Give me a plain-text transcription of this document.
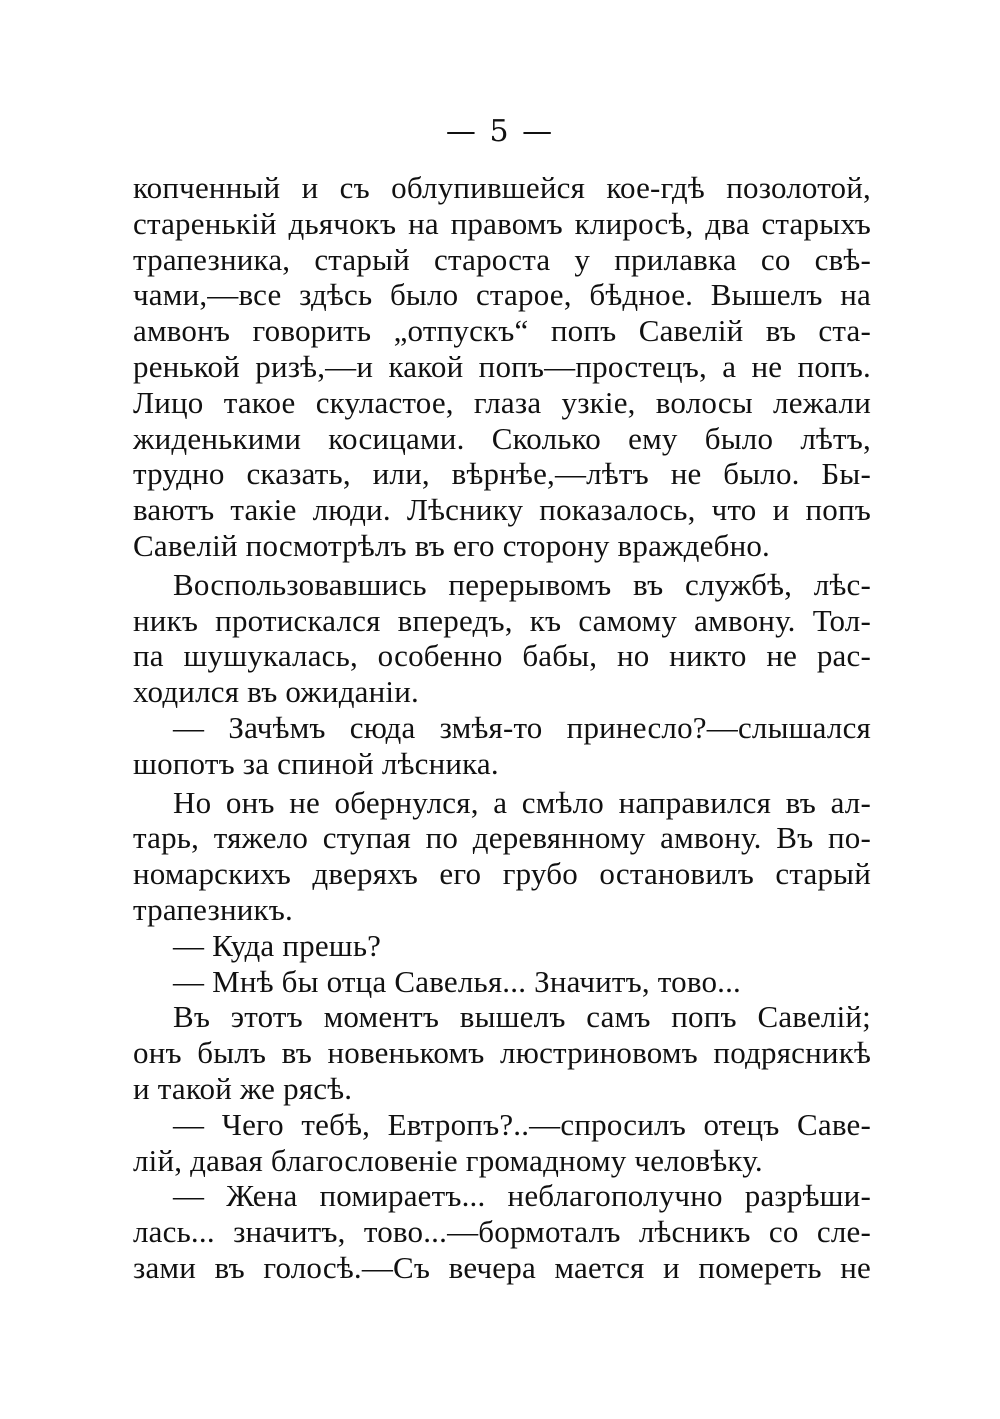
— 5 —
копченный и съ облупившейся кое-гдѣ позолотой,
старенькій дьячокъ на правомъ клиросѣ, два старыхъ
трапезника, старый староста у прилавка со свѣ-
чами,—все здѣсь было старое, бѣдное. Вышелъ на
амвонъ говорить „отпускъ“ попъ Савелій въ ста-
ренькой ризѣ,—и какой попъ—простецъ, а не попъ.
Лицо такое скуластое, глаза узкіе, волосы лежали
жиденькими косицами. Сколько ему было лѣтъ,
трудно сказать, или, вѣрнѣе,—лѣтъ не было. Бы-
ваютъ такіе люди. Лѣснику показалось, что и попъ
Савелій посмотрѣлъ въ его сторону враждебно.
Воспользовавшись перерывомъ въ службѣ, лѣс-
никъ протискался впередъ, къ самому амвону. Тол-
па шушукалась, особенно бабы, но никто не рас-
ходился въ ожиданіи.
— Зачѣмъ сюда змѣя-то принесло?—слышался
шопотъ за спиной лѣсника.
Но онъ не обернулся, а смѣло направился въ ал-
тарь, тяжело ступая по деревянному амвону. Въ по-
номарскихъ дверяхъ его грубо остановилъ старый
трапезникъ.
— Куда прешь?
— Мнѣ бы отца Савелья... Значитъ, тово...
Въ этотъ моментъ вышелъ самъ попъ Савелій;
онъ былъ въ новенькомъ люстриновомъ подрясникѣ
и такой же рясѣ.
— Чего тебѣ, Евтропъ?..—спросилъ отецъ Саве-
лій, давая благословеніе громадному человѣку.
— Жена помираетъ... неблагополучно разрѣши-
лась... значитъ, тово...—бормоталъ лѣсникъ со сле-
зами въ голосѣ.—Съ вечера мается и помереть не
